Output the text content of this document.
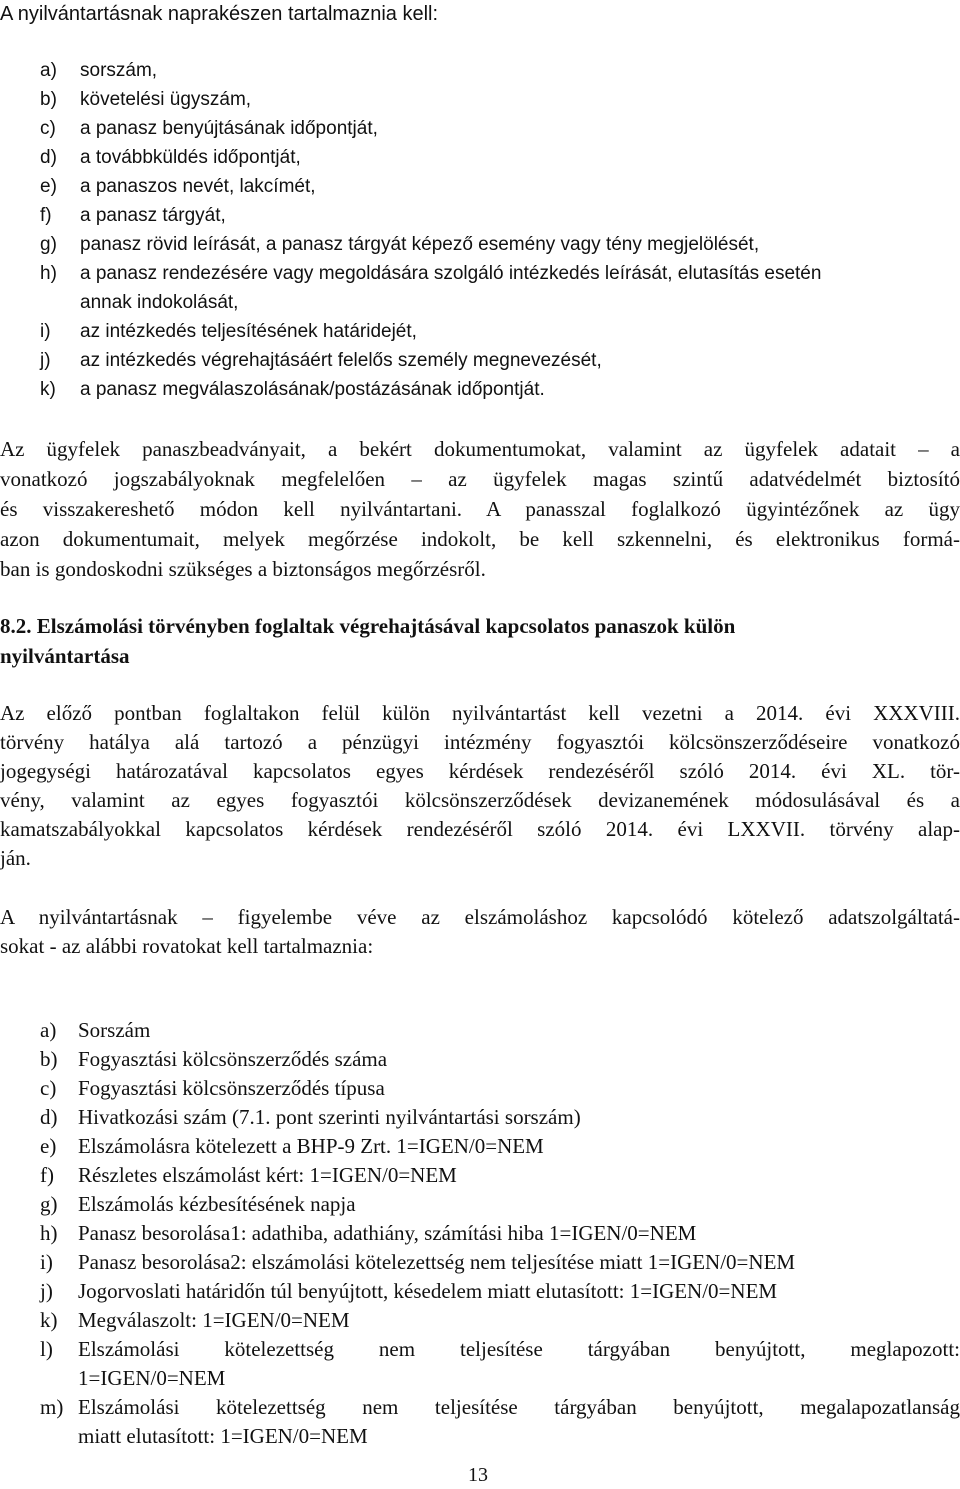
A nyilvántartásnak naprakészen tartalmaznia kell:
a) sorszám,
b) követelési ügyszám,
c) a panasz benyújtásának időpontját,
d) a továbbküldés időpontját,
e) a panaszos nevét, lakcímét,
f) a panasz tárgyát,
g) panasz rövid leírását, a panasz tárgyát képező esemény vagy tény megjelölését,
h) a panasz rendezésére vagy megoldására szolgáló intézkedés leírását, elutasítás esetén
annak indokolását,
i) az intézkedés teljesítésének határidejét,
j) az intézkedés végrehajtásáért felelős személy megnevezését,
k) a panasz megválaszolásának/postázásának időpontját.
Az ügyfelek panaszbeadványait, a bekért dokumentumokat, valamint az ügyfelek adatait – a
vonatkozó jogszabályoknak megfelelően – az ügyfelek magas szintű adatvédelmét biztosító
és visszakereshető módon kell nyilvántartani. A panasszal foglalkozó ügyintézőnek az ügy
azon dokumentumait, melyek megőrzése indokolt, be kell szkennelni, és elektronikus formá-
ban is gondoskodni szükséges a biztonságos megőrzésről.
8.2. Elszámolási törvényben foglaltak végrehajtásával kapcsolatos panaszok külön
nyilvántartása
Az előző pontban foglaltakon felül külön nyilvántartást kell vezetni a 2014. évi XXXVIII.
törvény hatálya alá tartozó a pénzügyi intézmény fogyasztói kölcsönszerződéseire vonatkozó
jogegységi határozatával kapcsolatos egyes kérdések rendezéséről szóló 2014. évi XL. tör-
vény, valamint az egyes fogyasztói kölcsönszerződések devizanemének módosulásával és a
kamatszabályokkal kapcsolatos kérdések rendezéséről szóló 2014. évi LXXVII. törvény alap-
ján.
A nyilvántartásnak – figyelembe véve az elszámoláshoz kapcsolódó kötelező adatszolgáltatá-
sokat - az alábbi rovatokat kell tartalmaznia:
a) Sorszám
b) Fogyasztási kölcsönszerződés száma
c) Fogyasztási kölcsönszerződés típusa
d) Hivatkozási szám (7.1. pont szerinti nyilvántartási sorszám)
e) Elszámolásra kötelezett a BHP-9 Zrt. 1=IGEN/0=NEM
f) Részletes elszámolást kért: 1=IGEN/0=NEM
g) Elszámolás kézbesítésének napja
h) Panasz besorolása1: adathiba, adathiány, számítási hiba 1=IGEN/0=NEM
i) Panasz besorolása2: elszámolási kötelezettség nem teljesítése miatt 1=IGEN/0=NEM
j) Jogorvoslati határidőn túl benyújtott, késedelem miatt elutasított: 1=IGEN/0=NEM
k) Megválaszolt: 1=IGEN/0=NEM
l) Elszámolási kötelezettség nem teljesítése tárgyában benyújtott, meglapozott:
1=IGEN/0=NEM
m) Elszámolási kötelezettség nem teljesítése tárgyában benyújtott, megalapozatlanság
miatt elutasított: 1=IGEN/0=NEM
13
